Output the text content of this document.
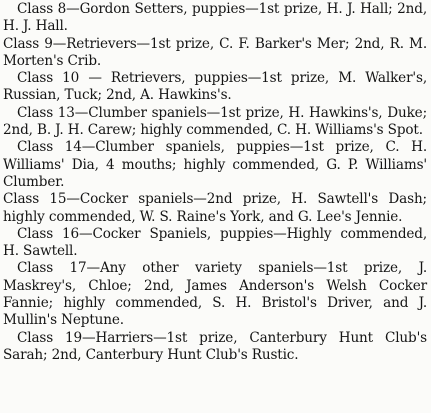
Class 8—Gordon Setters, puppies—1st prize, H. J. Hall; 2nd, H. J. Hall.

Class 9—Retrievers—1st prize, C. F. Barker's Mer; 2nd, R. M. Morten's Crib.

Class 10 — Retrievers, puppies—1st prize, M. Walker's, Russian, Tuck; 2nd, A. Hawkins's.

Class 13—Clumber spaniels—1st prize, H. Hawkins's, Duke; 2nd, B. J. H. Carew; highly commended, C. H. Williams's Spot.

Class 14—Clumber spaniels, puppies—1st prize, C. H. Williams' Dia, 4 mouths; highly commended, G. P. Williams' Clumber.

Class 15—Cocker spaniels—2nd prize, H. Sawtell's Dash; highly commended, W. S. Raine's York, and G. Lee's Jennie.

Class 16—Cocker Spaniels, puppies—Highly commended, H. Sawtell.

Class 17—Any other variety spaniels—1st prize, J. Maskrey's, Chloe; 2nd, James Anderson's Welsh Cocker Fannie; highly commended, S. H. Bristol's Driver, and J. Mullin's Neptune.

Class 19—Harriers—1st prize, Canterbury Hunt Club's Sarah; 2nd, Canterbury Hunt Club's Rustic.
